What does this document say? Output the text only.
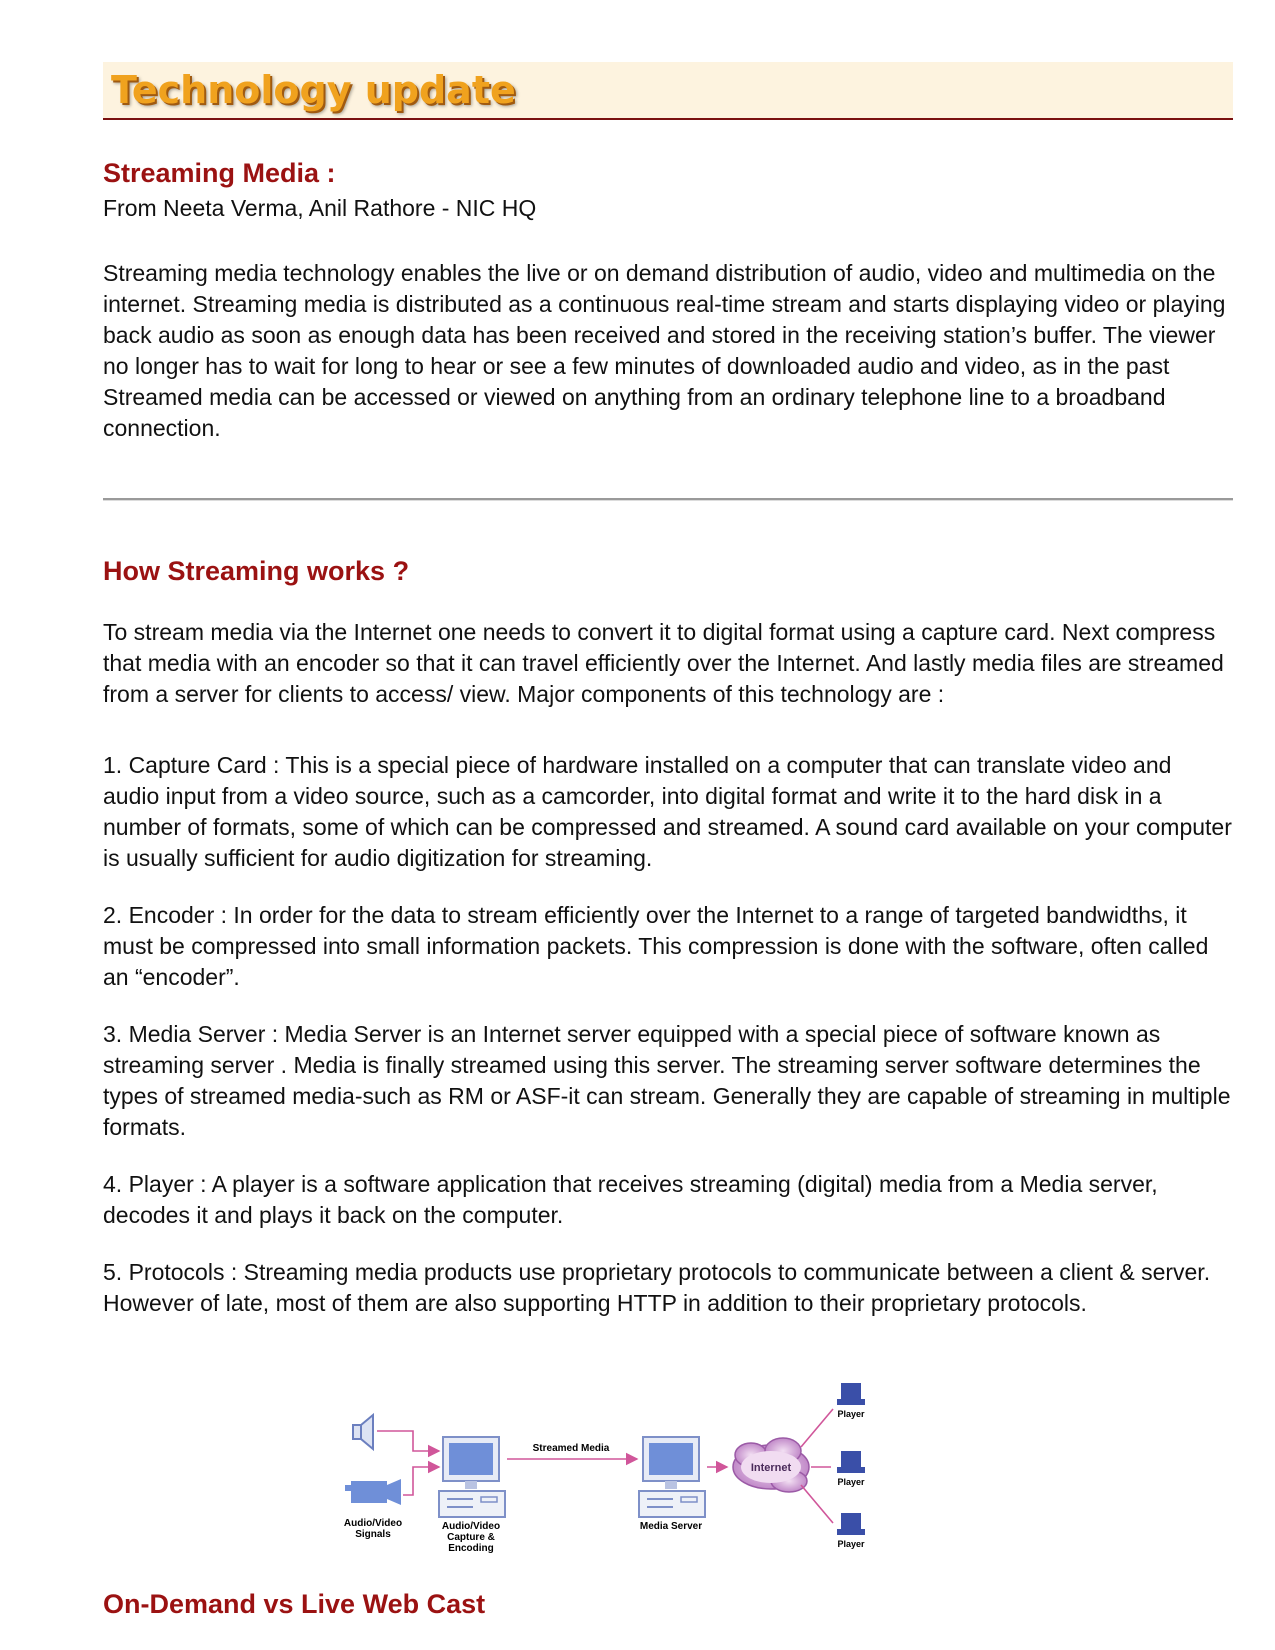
Technology update
Streaming Media :
From Neeta Verma, Anil Rathore - NIC HQ

Streaming media technology enables the live or on demand distribution of audio, video and multimedia on the internet. Streaming media is distributed as a continuous real-time stream and starts displaying video or playing back audio as soon as enough data has been received and stored in the receiving station’s buffer. The viewer no longer has to wait for long to hear or see a few minutes of downloaded audio and video, as in the past Streamed media can be accessed or viewed on anything from an ordinary telephone line to a broadband connection.

How Streaming works ?

To stream media via the Internet one needs to convert it to digital format using a capture card. Next compress that media with an encoder so that it can travel efficiently over the Internet. And lastly media files are streamed from a server for clients to access/ view. Major components of this technology are :

1. Capture Card : This is a special piece of hardware installed on a computer that can translate video and audio input from a video source, such as a camcorder, into digital format and write it to the hard disk in a number of formats, some of which can be compressed and streamed. A sound card available on your computer is usually sufficient for audio digitization for streaming.

2. Encoder : In order for the data to stream efficiently over the Internet to a range of targeted bandwidths, it must be compressed into small information packets. This compression is done with the software, often called an “encoder”.

3. Media Server : Media Server is an Internet server equipped with a special piece of software known as streaming server . Media is finally streamed using this server. The streaming server software determines the types of streamed media-such as RM or ASF-it can stream. Generally they are capable of streaming in multiple formats.

4. Player : A player is a software application that receives streaming (digital) media from a Media server, decodes it and plays it back on the computer.

5. Protocols : Streaming media products use proprietary protocols to communicate between a client & server. However of late, most of them are also supporting HTTP in addition to their proprietary protocols.

Audio/Video
Signals
Audio/Video
Capture &
Encoding
Streamed Media
Media Server
Internet
Player
Player
Player
On-Demand vs Live Web Cast
